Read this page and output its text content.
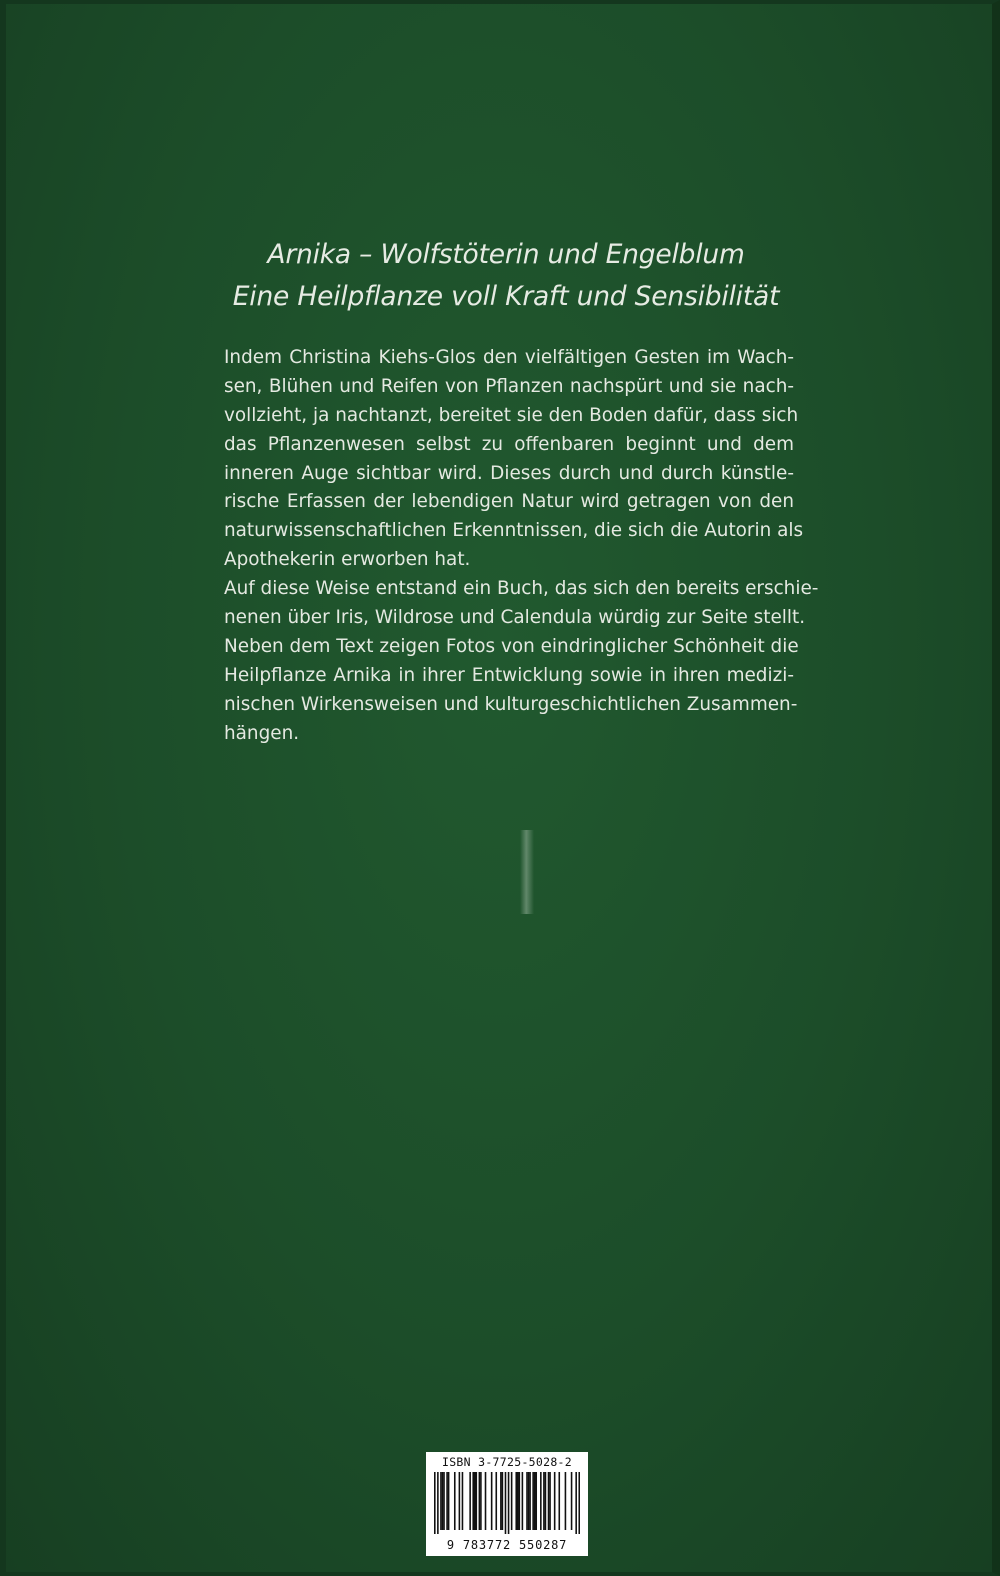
Arnika – Wolfstöterin und Engelblum
Eine Heilpflanze voll Kraft und Sensibilität
Indem Christina Kiehs-Glos den vielfältigen Gesten im Wach-
sen, Blühen und Reifen von Pflanzen nachspürt und sie nach-
vollzieht, ja nachtanzt, bereitet sie den Boden dafür, dass sich
das Pflanzenwesen selbst zu offenbaren beginnt und dem
inneren Auge sichtbar wird. Dieses durch und durch künstle-
rische Erfassen der lebendigen Natur wird getragen von den
naturwissenschaftlichen Erkenntnissen, die sich die Autorin als
Apothekerin erworben hat.
Auf diese Weise entstand ein Buch, das sich den bereits erschie-
nenen über Iris, Wildrose und Calendula würdig zur Seite stellt.
Neben dem Text zeigen Fotos von eindringlicher Schönheit die
Heilpflanze Arnika in ihrer Entwicklung sowie in ihren medizi-
nischen Wirkensweisen und kulturgeschichtlichen Zusammen-
hängen.
ISBN 3-7725-5028-2
9 783772 550287
